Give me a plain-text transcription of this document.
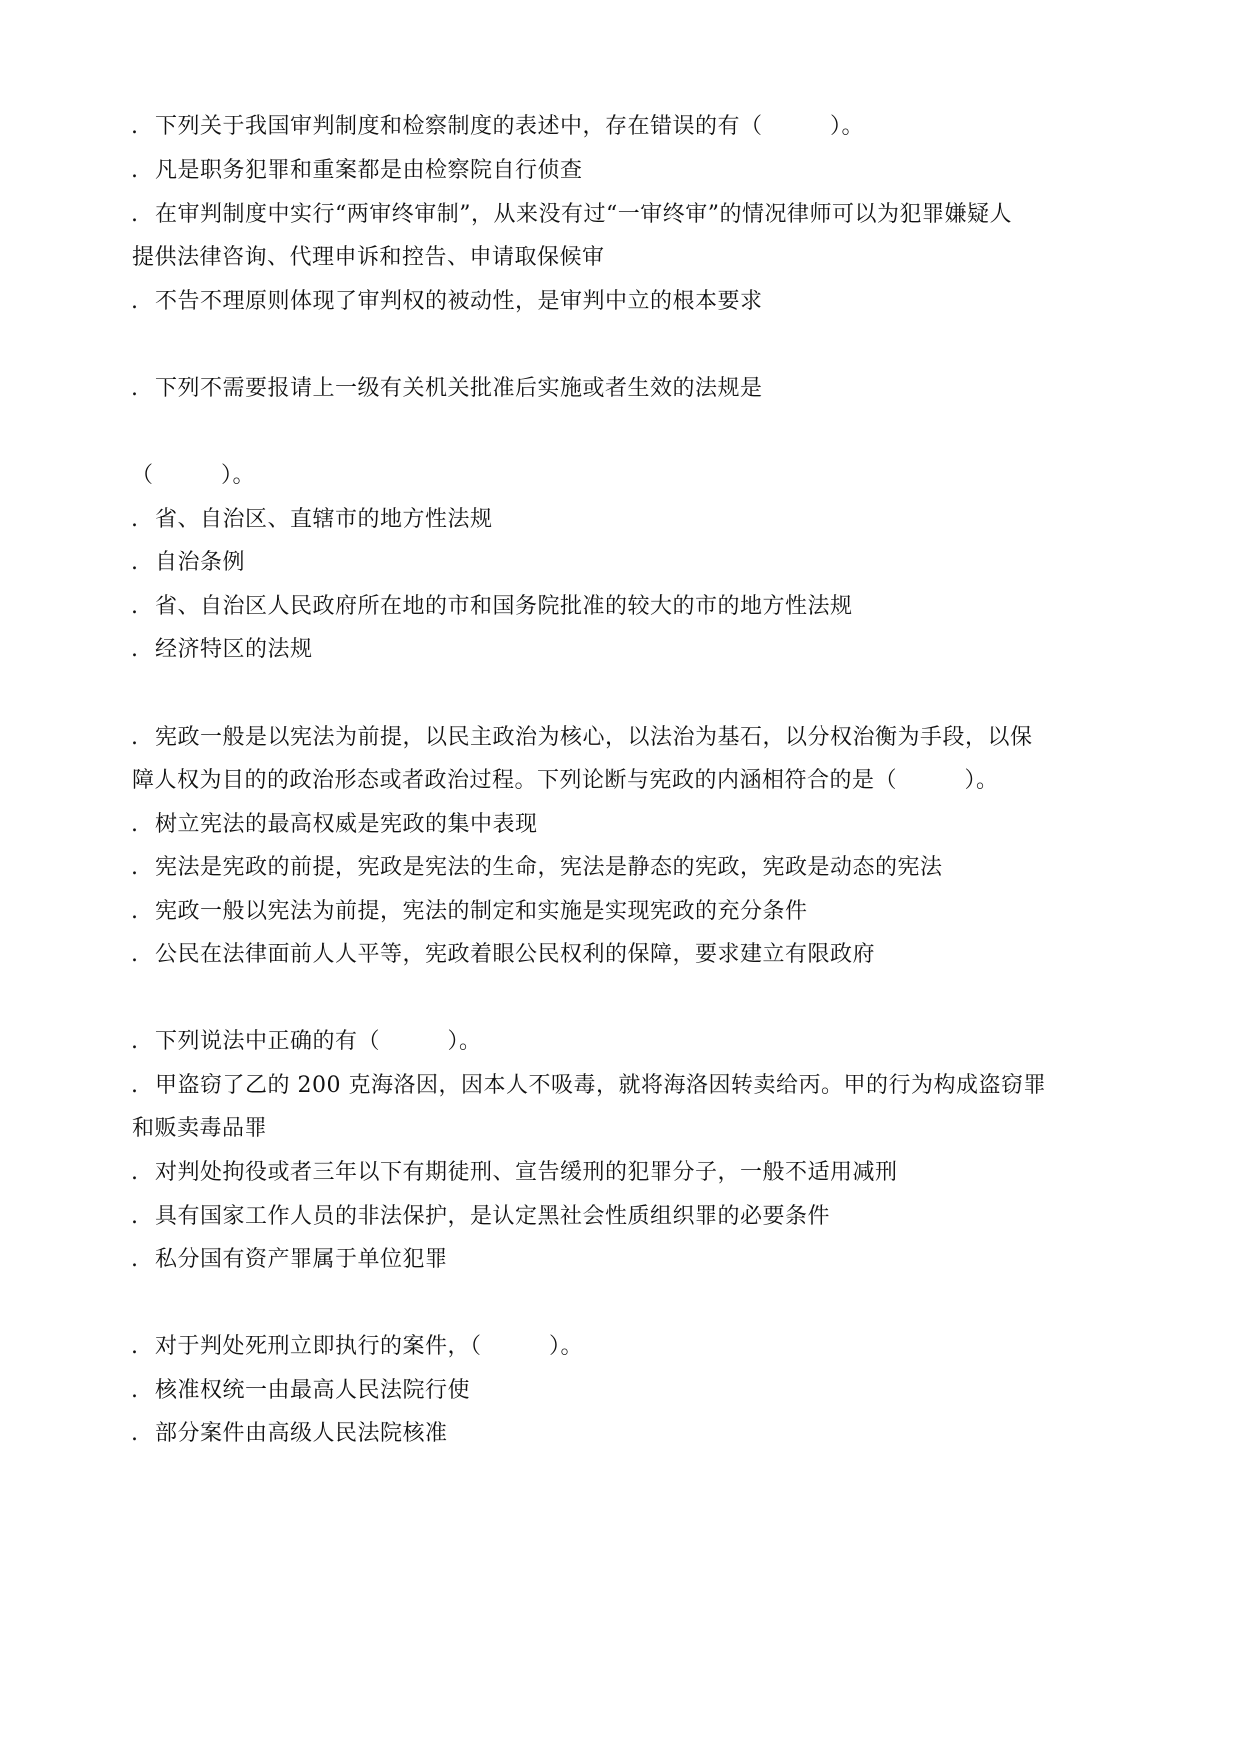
. 下列关于我国审判制度和检察制度的表述中，存在错误的有（　　　）。
. 凡是职务犯罪和重案都是由检察院自行侦查
. 在审判制度中实行“两审终审制”，从来没有过“一审终审”的情况律师可以为犯罪嫌疑人
提供法律咨询、代理申诉和控告、申请取保候审
. 不告不理原则体现了审判权的被动性，是审判中立的根本要求
. 下列不需要报请上一级有关机关批准后实施或者生效的法规是
（　　　）。
. 省、自治区、直辖市的地方性法规
. 自治条例
. 省、自治区人民政府所在地的市和国务院批准的较大的市的地方性法规
. 经济特区的法规
. 宪政一般是以宪法为前提，以民主政治为核心，以法治为基石，以分权治衡为手段，以保
障人权为目的的政治形态或者政治过程。下列论断与宪政的内涵相符合的是（　　　）。
. 树立宪法的最高权威是宪政的集中表现
. 宪法是宪政的前提，宪政是宪法的生命，宪法是静态的宪政，宪政是动态的宪法
. 宪政一般以宪法为前提，宪法的制定和实施是实现宪政的充分条件
. 公民在法律面前人人平等，宪政着眼公民权利的保障，要求建立有限政府
. 下列说法中正确的有（　　　）。
. 甲盗窃了乙的 200 克海洛因，因本人不吸毒，就将海洛因转卖给丙。甲的行为构成盗窃罪
和贩卖毒品罪
. 对判处拘役或者三年以下有期徒刑、宣告缓刑的犯罪分子，一般不适用减刑
. 具有国家工作人员的非法保护，是认定黑社会性质组织罪的必要条件
. 私分国有资产罪属于单位犯罪
. 对于判处死刑立即执行的案件，（　　　）。
. 核准权统一由最高人民法院行使
. 部分案件由高级人民法院核准
